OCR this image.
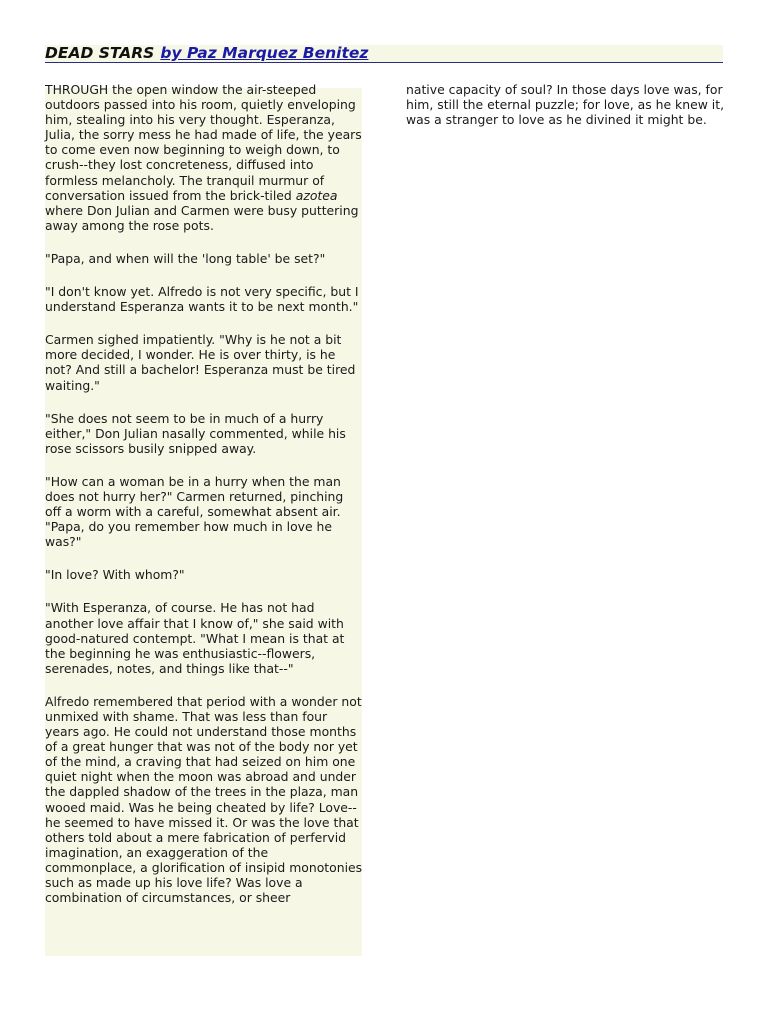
DEAD STARS by Paz Marquez Benitez

THROUGH the open window the air-steeped outdoors passed into his room, quietly enveloping him, stealing into his very thought. Esperanza, Julia, the sorry mess he had made of life, the years to come even now beginning to weigh down, to crush--they lost concreteness, diffused into formless melancholy. The tranquil murmur of conversation issued from the brick-tiled azotea where Don Julian and Carmen were busy puttering away among the rose pots.

"Papa, and when will the 'long table' be set?"

"I don't know yet. Alfredo is not very specific, but I understand Esperanza wants it to be next month."

Carmen sighed impatiently. "Why is he not a bit more decided, I wonder. He is over thirty, is he not? And still a bachelor! Esperanza must be tired waiting."

"She does not seem to be in much of a hurry either," Don Julian nasally commented, while his rose scissors busily snipped away.

"How can a woman be in a hurry when the man does not hurry her?" Carmen returned, pinching off a worm with a careful, somewhat absent air. "Papa, do you remember how much in love he was?"

"In love? With whom?"

"With Esperanza, of course. He has not had another love affair that I know of," she said with good-natured contempt. "What I mean is that at the beginning he was enthusiastic--flowers, serenades, notes, and things like that--"

Alfredo remembered that period with a wonder not unmixed with shame. That was less than four years ago. He could not understand those months of a great hunger that was not of the body nor yet of the mind, a craving that had seized on him one quiet night when the moon was abroad and under the dappled shadow of the trees in the plaza, man wooed maid. Was he being cheated by life? Love-- he seemed to have missed it. Or was the love that others told about a mere fabrication of perfervid imagination, an exaggeration of the commonplace, a glorification of insipid monotonies such as made up his love life? Was love a combination of circumstances, or sheer

native capacity of soul? In those days love was, for him, still the eternal puzzle; for love, as he knew it, was a stranger to love as he divined it might be.
